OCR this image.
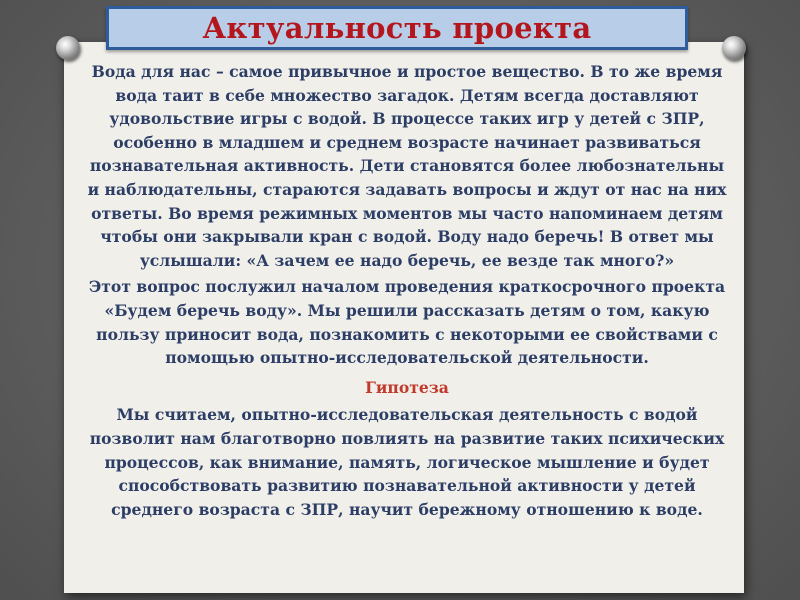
Актуальность проекта

Вода для нас – самое привычное и простое вещество. В то же время вода таит в себе множество загадок. Детям всегда доставляют удовольствие игры с водой. В процессе таких игр у детей с ЗПР, особенно в младшем и среднем возрасте начинает развиваться познавательная активность. Дети становятся более любознательны и наблюдательны, стараются задавать вопросы и ждут от нас на них ответы. Во время режимных моментов мы часто напоминаем детям чтобы они закрывали кран с водой. Воду надо беречь! В ответ мы услышали: «А зачем ее надо беречь, ее везде так много?»

Этот вопрос послужил началом проведения краткосрочного проекта «Будем беречь воду». Мы решили рассказать детям о том, какую пользу приносит вода, познакомить с некоторыми ее свойствами с помощью опытно-исследовательской деятельности.

Гипотеза

Мы считаем, опытно-исследовательская деятельность с водой позволит нам благотворно повлиять на развитие таких психических процессов, как внимание, память, логическое мышление и будет способствовать развитию познавательной активности у детей среднего возраста с ЗПР, научит бережному отношению к воде.
